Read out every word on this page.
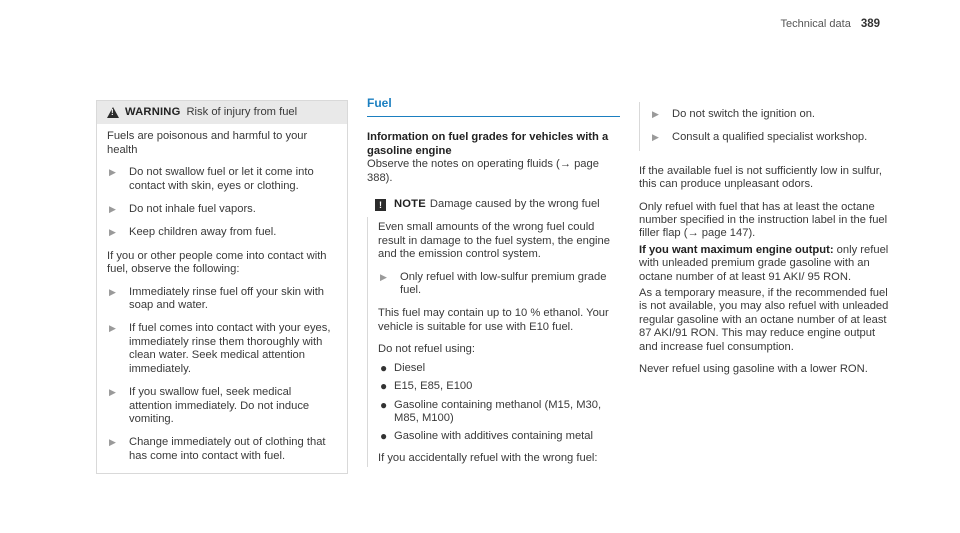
Technical data 389
!
WARNING Risk of injury from fuel

Fuels are poisonous and harmful to your health

▶	Do not swallow fuel or let it come into contact with skin, eyes or clothing.
▶	Do not inhale fuel vapors.
▶	Keep children away from fuel.

If you or other people come into contact with fuel, observe the following:

▶	Immediately rinse fuel off your skin with soap and water.
▶	If fuel comes into contact with your eyes, immediately rinse them thoroughly with clean water. Seek medical attention immediately.
▶	If you swallow fuel, seek medical attention immediately. Do not induce vomiting.
▶	Change immediately out of clothing that has come into contact with fuel.
Fuel
Information on fuel grades for vehicles with a gasoline engine

Observe the notes on operating fluids (→ page 388).

!	NOTE Damage caused by the wrong fuel

Even small amounts of the wrong fuel could result in damage to the fuel system, the engine and the emission control system.

▶	Only refuel with low-sulfur premium grade fuel.

This fuel may contain up to 10 % ethanol. Your vehicle is suitable for use with E10 fuel.

Do not refuel using:

● Diesel
● E15, E85, E100
● Gasoline containing methanol (M15, M30, M85, M100)
● Gasoline with additives containing metal

If you accidentally refuel with the wrong fuel:

▶	Do not switch the ignition on.
▶	Consult a qualified specialist workshop.

If the available fuel is not sufficiently low in sulfur, this can produce unpleasant odors.

Only refuel with fuel that has at least the octane number specified in the instruction label in the fuel filler flap (→ page 147).

If you want maximum engine output: only refuel with unleaded premium grade gasoline with an octane number of at least 91 AKI/ 95 RON.

As a temporary measure, if the recommended fuel is not available, you may also refuel with unleaded regular gasoline with an octane number of at least 87 AKI/91 RON. This may reduce engine output and increase fuel consumption.

Never refuel using gasoline with a lower RON.
